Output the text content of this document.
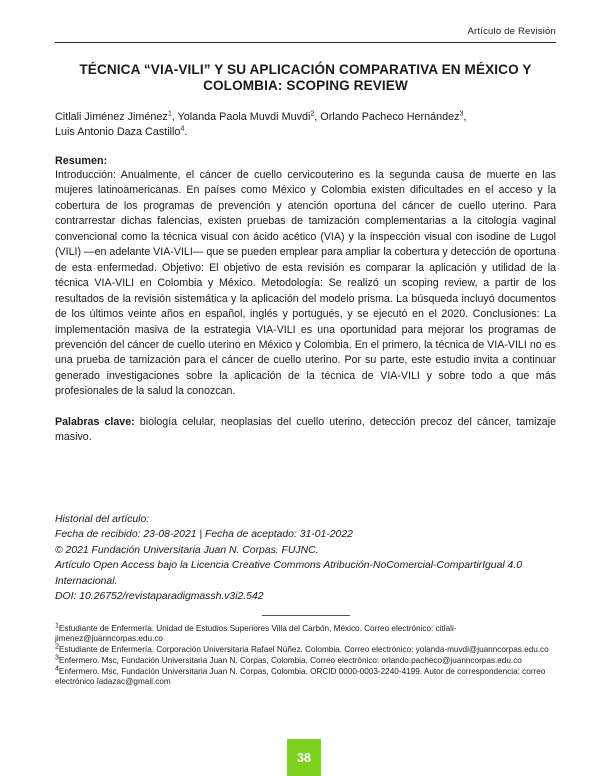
Artículo de Revisión
TÉCNICA “VIA-VILI” Y SU APLICACIÓN COMPARATIVA EN MÉXICO Y COLOMBIA: SCOPING REVIEW
Citlali Jiménez Jiménez$^1$, Yolanda Paola Muvdi Muvdi$^2$, Orlando Pacheco Hernández$^3$,
Luis Antonio Daza Castillo$^4$.
Resumen:
Introducción: Anualmente, el cáncer de cuello cervicouterino es la segunda causa de muerte en las mujeres latinoamericanas. En países como México y Colombia existen dificultades en el acceso y la cobertura de los programas de prevención y atención oportuna del cáncer de cuello uterino. Para contrarrestar dichas falencias, existen pruebas de tamización complementarias a la citología vaginal convencional como la técnica visual con ácido acético (VIA) y la inspección visual con isodine de Lugol (VILI) —en adelante VIA-VILI— que se pueden emplear para ampliar la cobertura y detección de oportuna de esta enfermedad. Objetivo: El objetivo de esta revisión es comparar la aplicación y utilidad de la técnica VIA-VILI en Colombia y México. Metodología: Se realizó un scoping review, a partir de los resultados de la revisión sistemática y la aplicación del modelo prisma. La búsqueda incluyó documentos de los últimos veinte años en español, inglés y portugués, y se ejecutó en el 2020. Conclusiones: La implementación masiva de la estrategia VIA-VILI es una oportunidad para mejorar los programas de prevención del cáncer de cuello uterino en México y Colombia. En el primero, la técnica de VIA-VILI no es una prueba de tamización para el cáncer de cuello uterino. Por su parte, este estudio invita a continuar generado investigaciones sobre la aplicación de la técnica de VIA-VILI y sobre todo a que más profesionales de la salud la conozcan.
Palabras clave: biología celular, neoplasias del cuello uterino, detección precoz del cáncer, tamizaje masivo.
Historial del artículo:
Fecha de recibido: 23-08-2021 | Fecha de aceptado: 31-01-2022
© 2021 Fundación Universitaria Juan N. Corpas. FUJNC.
Artículo Open Access bajo la Licencia Creative Commons Atribución-NoComercial-CompartirIgual 4.0 Internacional.
DOI: 10.26752/revistaparadigmassh.v3i2.542
$^1$Estudiante de Enfermería. Unidad de Estudios Superiores Villa del Carbón, México. Correo electrónico: citlali-jimenez@juanncorpas.edu.co
$^2$Estudiante de Enfermería. Corporación Universitaria Rafael Núñez. Colombia. Correo electrónico: yolanda-muvdi@juanncorpas.edu.co
$^3$Enfermero. Msc, Fundación Universitaria Juan N. Corpas, Colombia. Correo electrónico: orlando.pacheco@juanncorpas.edu.co
$^4$Enfermero. Msc, Fundación Universitaria Juan N. Corpas, Colombia. ORCID 0000-0003-2240-4199. Autor de correspondencia: correo electrónico ladazac@gmail.com
38
